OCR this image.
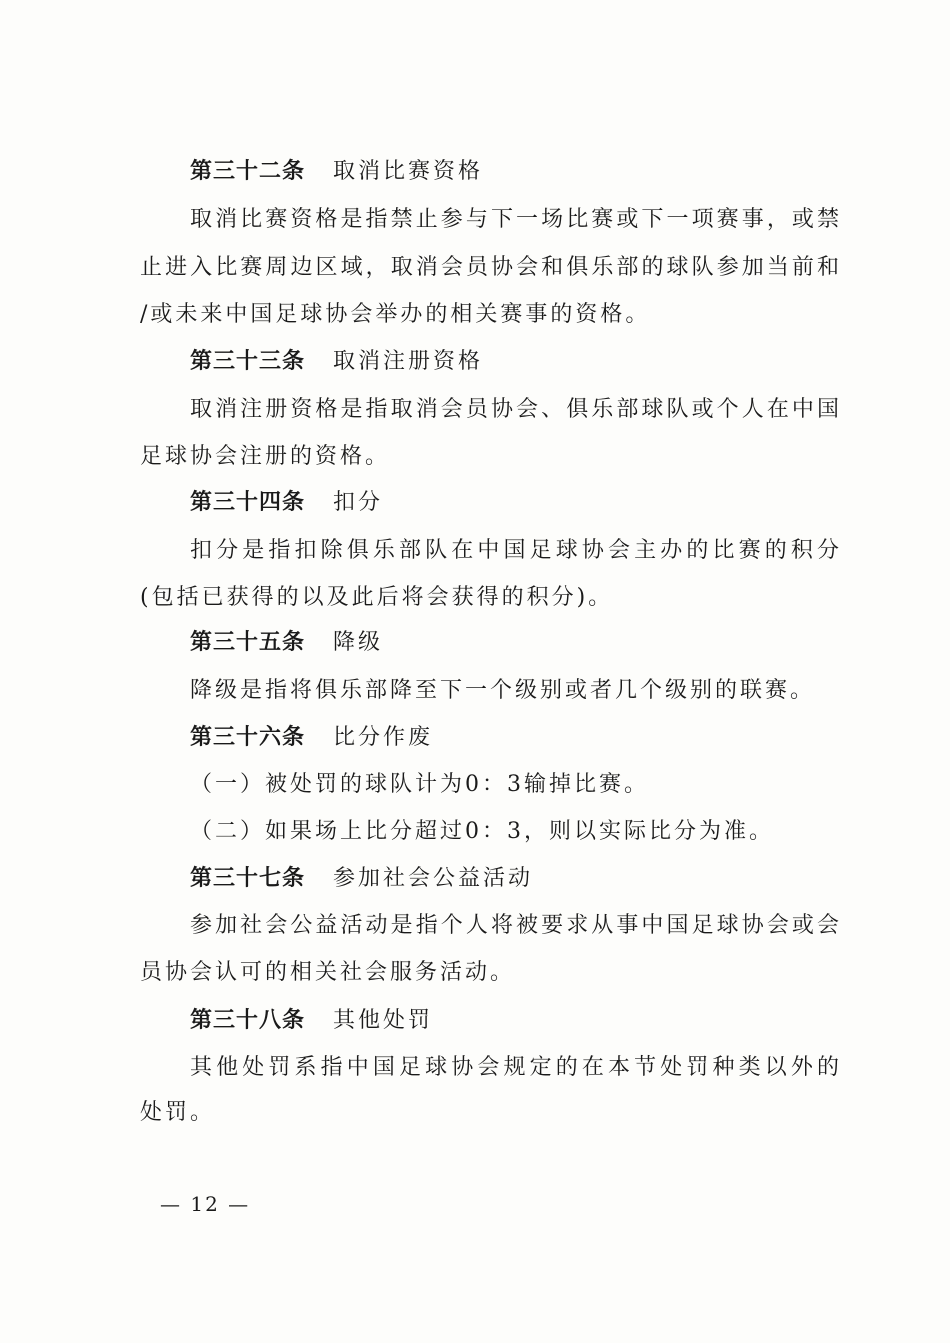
第三十二条 取消比赛资格
取消比赛资格是指禁止参与下一场比赛或下一项赛事，或禁
止进入比赛周边区域，取消会员协会和俱乐部的球队参加当前和
/或未来中国足球协会举办的相关赛事的资格。
第三十三条 取消注册资格
取消注册资格是指取消会员协会、俱乐部球队或个人在中国
足球协会注册的资格。
第三十四条 扣分
扣分是指扣除俱乐部队在中国足球协会主办的比赛的积分
(包括已获得的以及此后将会获得的积分)。
第三十五条 降级
降级是指将俱乐部降至下一个级别或者几个级别的联赛。
第三十六条 比分作废
（一）被处罚的球队计为0：3输掉比赛。
（二）如果场上比分超过0：3，则以实际比分为准。
第三十七条 参加社会公益活动
参加社会公益活动是指个人将被要求从事中国足球协会或会
员协会认可的相关社会服务活动。
第三十八条 其他处罚
其他处罚系指中国足球协会规定的在本节处罚种类以外的
处罚。
— 12 —
